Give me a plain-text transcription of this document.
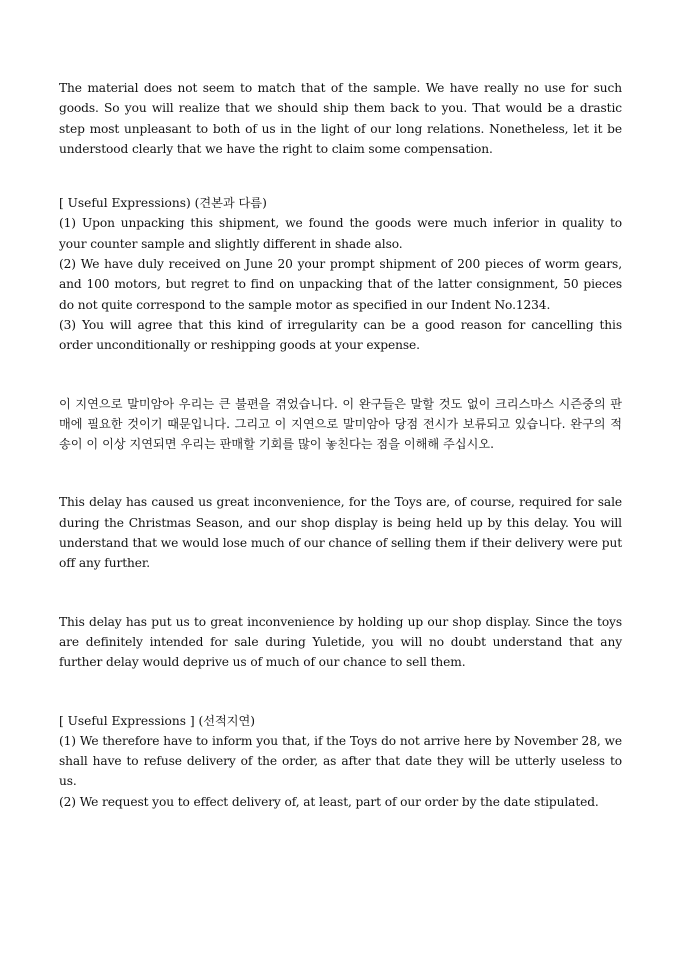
The material does not seem to match that of the sample. We have really no use for such goods. So you will realize that we should ship them back to you. That would be a drastic step most unpleasant to both of us in the light of our long relations. Nonetheless, let it be understood clearly that we have the right to claim some compensation.

[ Useful Expressions) (견본과 다름)

(1) Upon unpacking this shipment, we found the goods were much inferior in quality to your counter sample and slightly different in shade also.

(2) We have duly received on June 20 your prompt shipment of 200 pieces of worm gears, and 100 motors, but regret to find on unpacking that of the latter consignment, 50 pieces do not quite correspond to the sample motor as specified in our Indent No.1234.

(3) You will agree that this kind of irregularity can be a good reason for cancelling this order unconditionally or reshipping goods at your expense.

이 지연으로 말미암아 우리는 큰 불편을 겪었습니다. 이 완구들은 말할 것도 없이 크리스마스 시즌중의 판매에 필요한 것이기 때문입니다. 그리고 이 지연으로 말미암아 당점 전시가 보류되고 있습니다. 완구의 적송이 이 이상 지연되면 우리는 판매할 기회를 많이 놓친다는 점을 이해해 주십시오.

This delay has caused us great inconvenience, for the Toys are, of course, required for sale during the Christmas Season, and our shop display is being held up by this delay. You will understand that we would lose much of our chance of selling them if their delivery were put off any further.

This delay has put us to great inconvenience by holding up our shop display. Since the toys are definitely intended for sale during Yuletide, you will no doubt understand that any further delay would deprive us of much of our chance to sell them.

[ Useful Expressions ] (선적지연)

(1) We therefore have to inform you that, if the Toys do not arrive here by November 28, we shall have to refuse delivery of the order, as after that date they will be utterly useless to us.

(2) We request you to effect delivery of, at least, part of our order by the date stipulated.
